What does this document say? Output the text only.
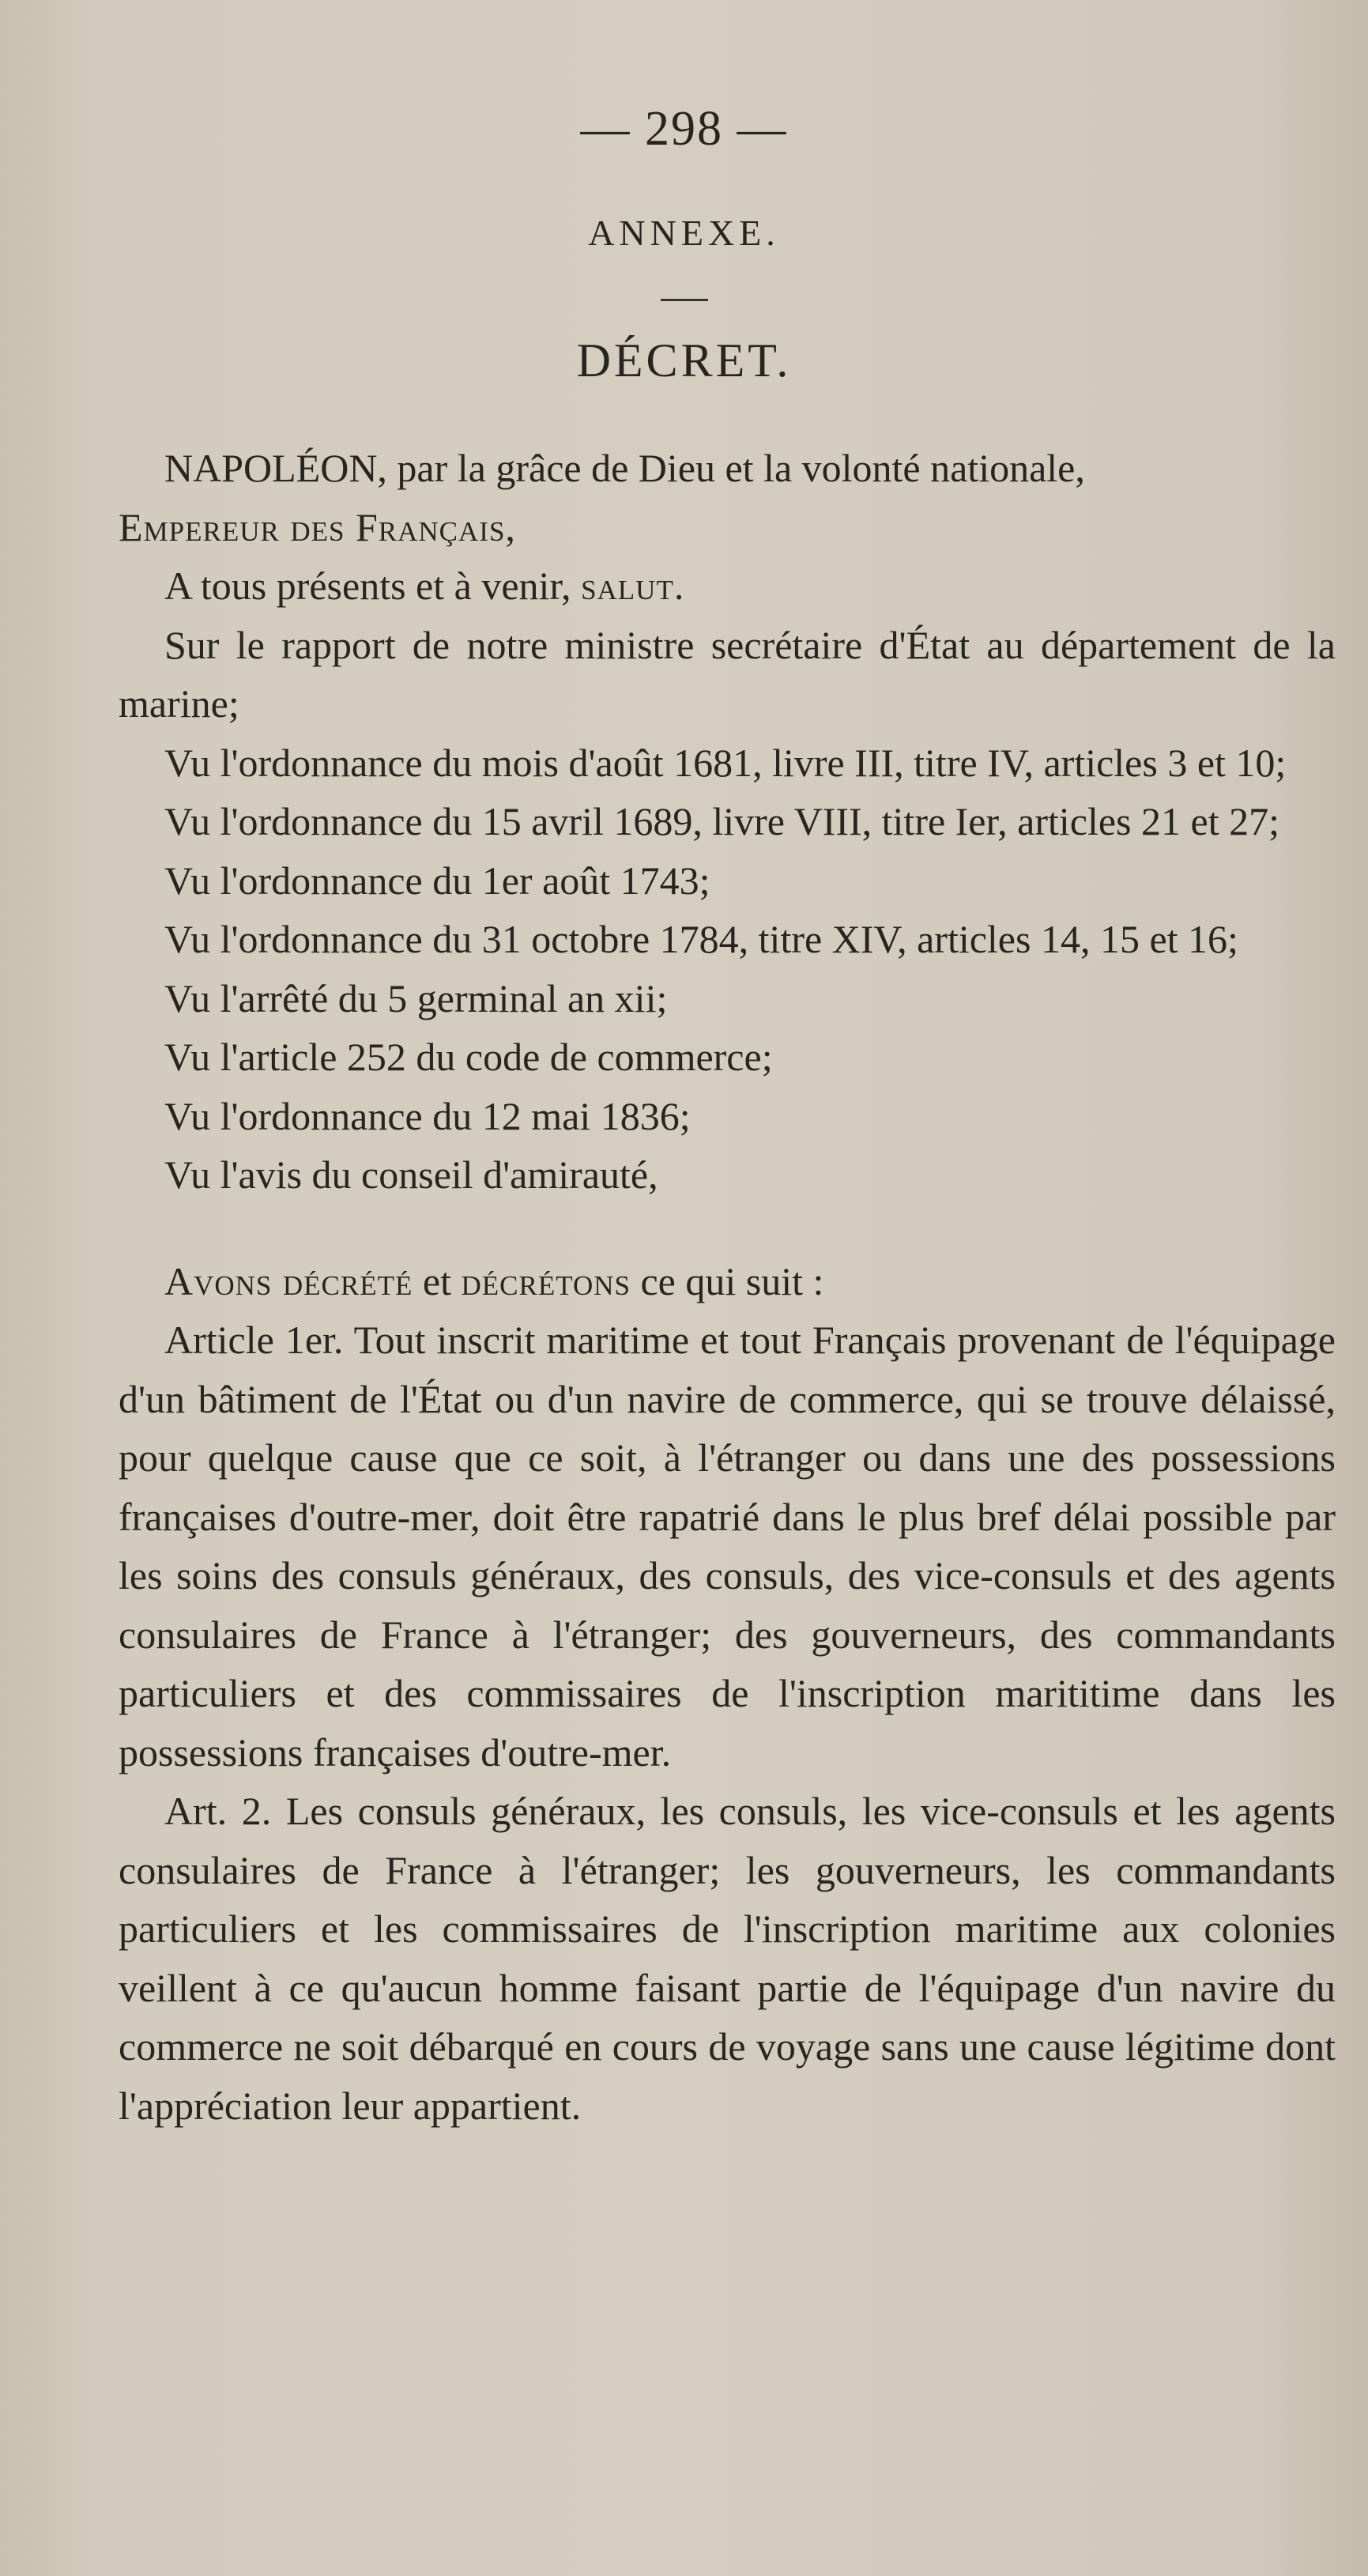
— 298 —
ANNEXE.
DÉCRET.

NAPOLÉON, par la grâce de Dieu et la volonté nationale,

Empereur des Français,

A tous présents et à venir, salut.

Sur le rapport de notre ministre secrétaire d'État au département de la marine;

Vu l'ordonnance du mois d'août 1681, livre III, titre IV, articles 3 et 10;

Vu l'ordonnance du 15 avril 1689, livre VIII, titre Ier, articles 21 et 27;

Vu l'ordonnance du 1er août 1743;

Vu l'ordonnance du 31 octobre 1784, titre XIV, articles 14, 15 et 16;

Vu l'arrêté du 5 germinal an xii;

Vu l'article 252 du code de commerce;

Vu l'ordonnance du 12 mai 1836;

Vu l'avis du conseil d'amirauté,

Avons décrété et décrétons ce qui suit :

Article 1er. Tout inscrit maritime et tout Français provenant de l'équipage d'un bâtiment de l'État ou d'un navire de commerce, qui se trouve délaissé, pour quelque cause que ce soit, à l'étranger ou dans une des possessions françaises d'outre-mer, doit être rapatrié dans le plus bref délai possible par les soins des consuls généraux, des consuls, des vice-consuls et des agents consulaires de France à l'étranger; des gouverneurs, des commandants particuliers et des commissaires de l'inscription marititime dans les possessions françaises d'outre-mer.

Art. 2. Les consuls généraux, les consuls, les vice-consuls et les agents consulaires de France à l'étranger; les gouverneurs, les commandants particuliers et les commissaires de l'inscription maritime aux colonies veillent à ce qu'aucun homme faisant partie de l'équipage d'un navire du commerce ne soit débarqué en cours de voyage sans une cause légitime dont l'appréciation leur appartient.
